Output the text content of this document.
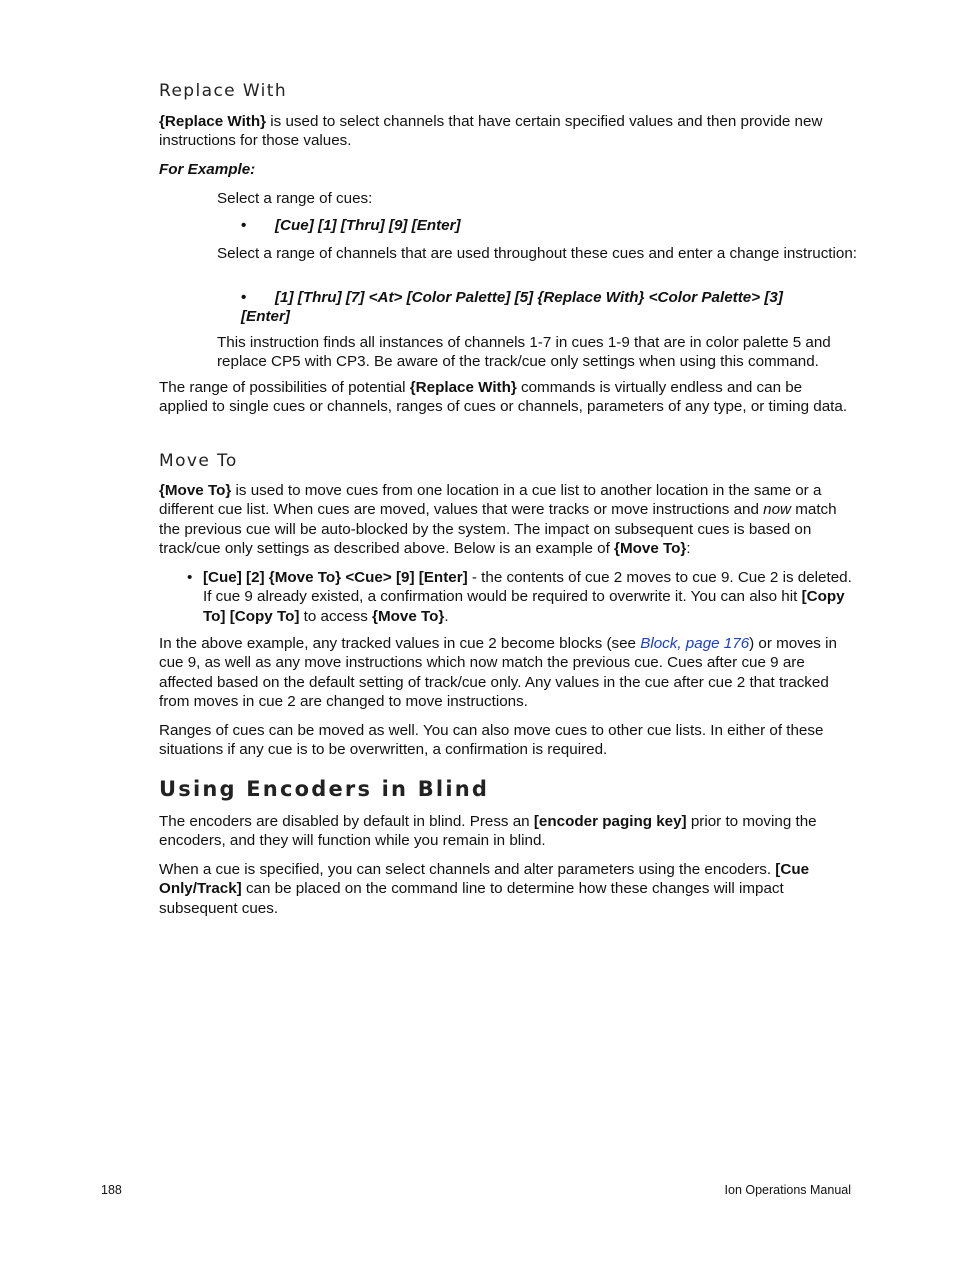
Replace With

{Replace With} is used to select channels that have certain specified values and then provide new instructions for those values.

For Example:

Select a range of cues:

• [Cue] [1] [Thru] [9] [Enter]

Select a range of channels that are used throughout these cues and enter a change instruction:

•	[1] [Thru] [7] <At> [Color Palette] [5] {Replace With} <Color Palette> [3] [Enter]

This instruction finds all instances of channels 1-7 in cues 1-9 that are in color palette 5 and replace CP5 with CP3. Be aware of the track/cue only settings when using this command.

The range of possibilities of potential {Replace With} commands is virtually endless and can be applied to single cues or channels, ranges of cues or channels, parameters of any type, or timing data.

Move To

{Move To} is used to move cues from one location in a cue list to another location in the same or a different cue list. When cues are moved, values that were tracks or move instructions and now match the previous cue will be auto-blocked by the system. The impact on subsequent cues is based on track/cue only settings as described above. Below is an example of {Move To}:

• [Cue] [2] {Move To} <Cue> [9] [Enter] - the contents of cue 2 moves to cue 9. Cue 2 is deleted. If cue 9 already existed, a confirmation would be required to overwrite it. You can also hit [Copy To] [Copy To] to access {Move To}.

In the above example, any tracked values in cue 2 become blocks (see Block, page 176) or moves in cue 9, as well as any move instructions which now match the previous cue. Cues after cue 9 are affected based on the default setting of track/cue only. Any values in the cue after cue 2 that tracked from moves in cue 2 are changed to move instructions.

Ranges of cues can be moved as well. You can also move cues to other cue lists. In either of these situations if any cue is to be overwritten, a confirmation is required.

Using Encoders in Blind

The encoders are disabled by default in blind. Press an [encoder paging key] prior to moving the encoders, and they will function while you remain in blind.

When a cue is specified, you can select channels and alter parameters using the encoders. [Cue Only/Track] can be placed on the command line to determine how these changes will impact subsequent cues.

188	Ion Operations Manual
